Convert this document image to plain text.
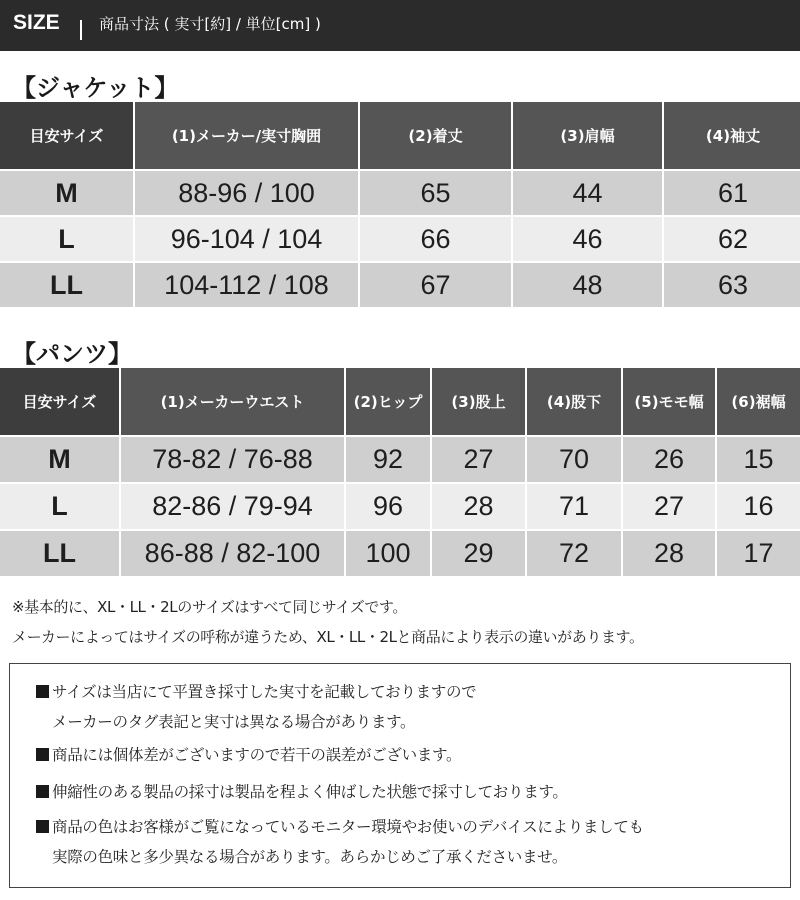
SIZE	商品寸法 ( 実寸[約] / 単位[cm] )
【ジャケット】
目安サイズ	(1)メーカー/実寸胸囲	(2)着丈	(3)肩幅	(4)袖丈
M	88-96 / 100	65	44	61
L	96-104 / 104	66	46	62
LL	104-112 / 108	67	48	63
【パンツ】
目安サイズ	(1)メーカーウエスト	(2)ヒップ	(3)股上	(4)股下	(5)モモ幅	(6)裾幅
M	78-82 / 76-88	92	27	70	26	15
L	82-86 / 79-94	96	28	71	27	16
LL	86-88 / 82-100	100	29	72	28	17
※基本的に、XL・LL・2Lのサイズはすべて同じサイズです。
メーカーによってはサイズの呼称が違うため、XL・LL・2Lと商品により表示の違いがあります。
サイズは当店にて平置き採寸した実寸を記載しておりますので
メーカーのタグ表記と実寸は異なる場合があります。
商品には個体差がございますので若干の誤差がございます。
伸縮性のある製品の採寸は製品を程よく伸ばした状態で採寸しております。
商品の色はお客様がご覧になっているモニター環境やお使いのデバイスによりましても
実際の色味と多少異なる場合があります。あらかじめご了承くださいませ。
